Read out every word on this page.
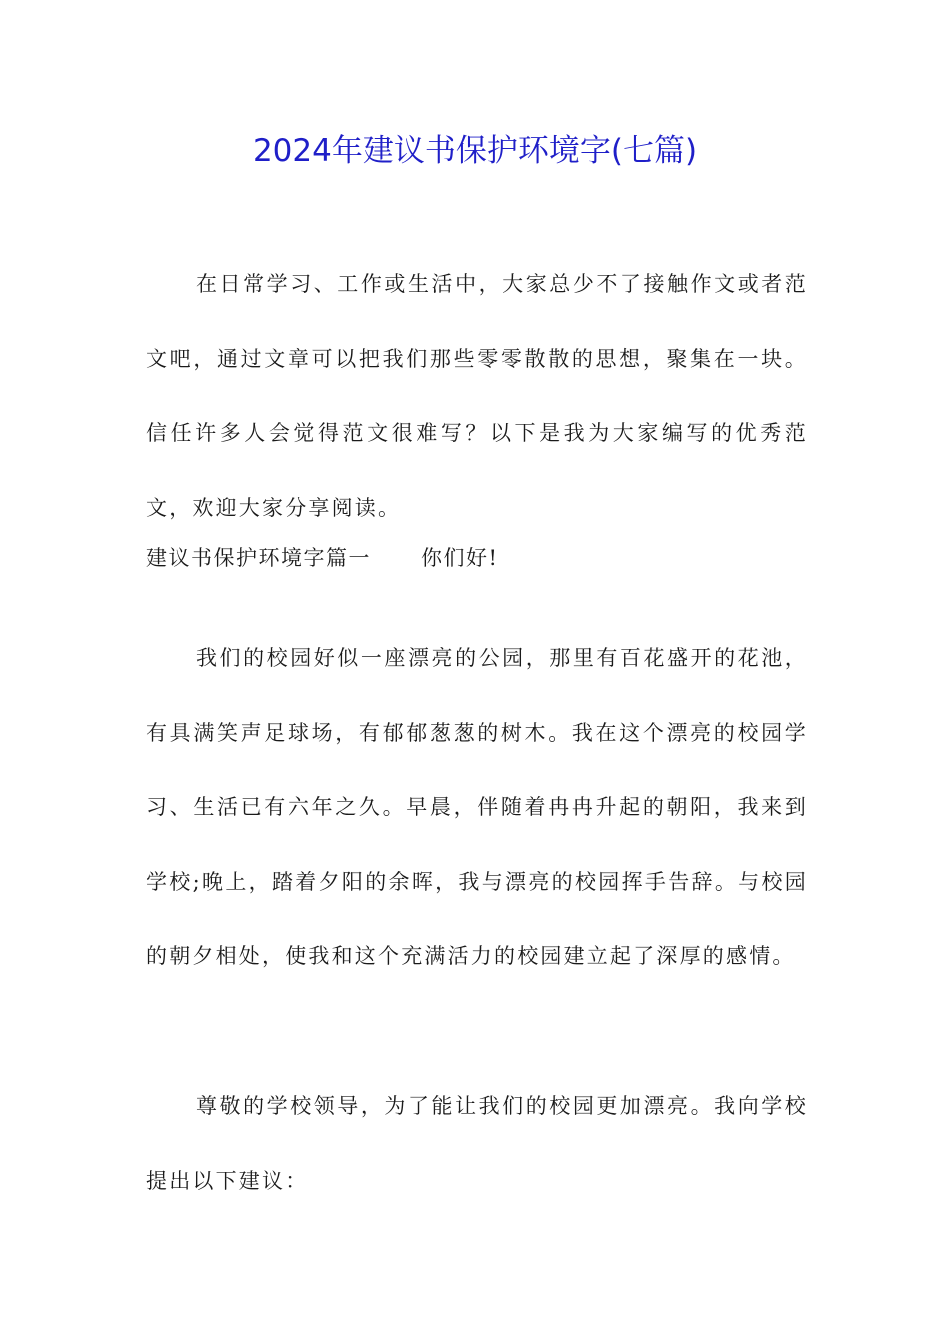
2024年建议书保护环境字(七篇)
在日常学习、工作或生活中，大家总少不了接触作文或者范文吧，通过文章可以把我们那些零零散散的思想，聚集在一块。信任许多人会觉得范文很难写？以下是我为大家编写的优秀范文，欢迎大家分享阅读。
建议书保护环境字篇一 你们好!
我们的校园好似一座漂亮的公园，那里有百花盛开的花池，有具满笑声足球场，有郁郁葱葱的树木。我在这个漂亮的校园学习、生活已有六年之久。早晨，伴随着冉冉升起的朝阳，我来到学校;晚上，踏着夕阳的余晖，我与漂亮的校园挥手告辞。与校园的朝夕相处，使我和这个充满活力的校园建立起了深厚的感情。
尊敬的学校领导，为了能让我们的校园更加漂亮。我向学校提出以下建议：
